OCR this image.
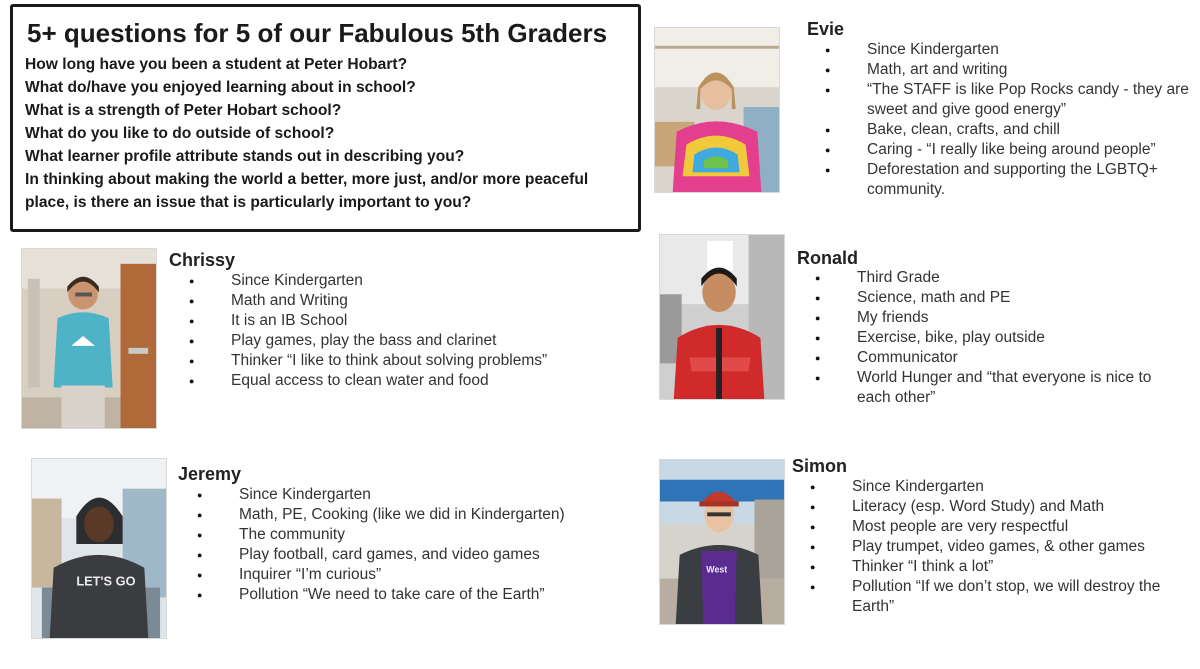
5+ questions for 5 of our Fabulous 5th Graders
How long have you been a student at Peter Hobart?
What do/have you enjoyed learning about in school?
What is a strength of Peter Hobart school?
What do you like to do outside of school?
What learner profile attribute stands out in describing you?
In thinking about making the world a better, more just, and/or more peaceful place, is there an issue that is particularly important to you?
Chrissy
● Since Kindergarten
● Math and Writing
● It is an IB School
● Play games, play the bass and clarinet
● Thinker “I like to think about solving problems”
● Equal access to clean water and food
LET'S GO
Jeremy
● Since Kindergarten
● Math, PE, Cooking (like we did in Kindergarten)
● The community
● Play football, card games, and video games
● Inquirer “I’m curious”
● Pollution “We need to take care of the Earth”
Evie
● Since Kindergarten
● Math, art and writing
● “The STAFF is like Pop Rocks candy - they are sweet and give good energy”
● Bake, clean, crafts, and chill
● Caring - “I really like being around people”
● Deforestation and supporting the LGBTQ+ community.
Ronald
● Third Grade
● Science, math and PE
● My friends
● Exercise, bike, play outside
● Communicator
● World Hunger and “that everyone is nice to each other”
West
Simon
● Since Kindergarten
● Literacy (esp. Word Study) and Math
● Most people are very respectful
● Play trumpet, video games, & other games
● Thinker “I think a lot”
● Pollution “If we don’t stop, we will destroy the Earth”
